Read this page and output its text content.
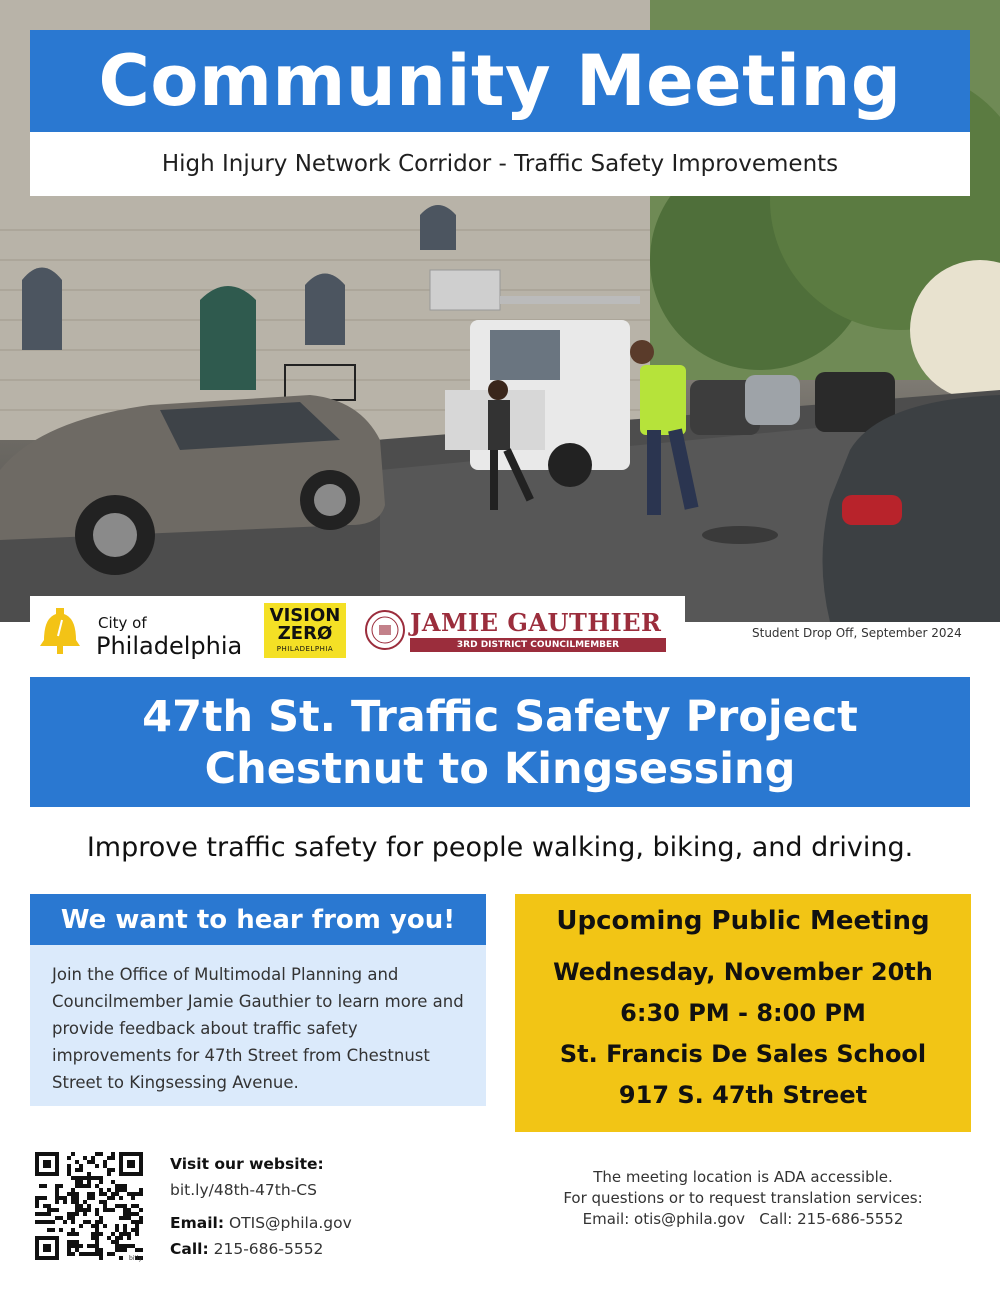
Community Meeting
High Injury Network Corridor - Traffic Safety Improvements
City of
Philadelphia
VISION
ZERØ
PHILADELPHIA
JAMIE GAUTHIER
3RD DISTRICT COUNCILMEMBER
Student Drop Off, September 2024
47th St. Traffic Safety Project
Chestnut to Kingsessing
Improve traffic safety for people walking, biking, and driving.
We want to hear from you!

Join the Office of Multimodal Planning and Councilmember Jamie Gauthier to learn more and provide feedback about traffic safety improvements for 47th Street from Chestnust Street to Kingsessing Avenue.

Upcoming Public Meeting
Wednesday, November 20th
6:30 PM - 8:00 PM
St. Francis De Sales School
917 S. 47th Street
bitly
Visit our website:
bit.ly/48th-47th-CS
Email: OTIS@phila.gov
Call: 215-686-5552
The meeting location is ADA accessible.
For questions or to request translation services:
Email: otis@phila.gov   Call: 215-686-5552
